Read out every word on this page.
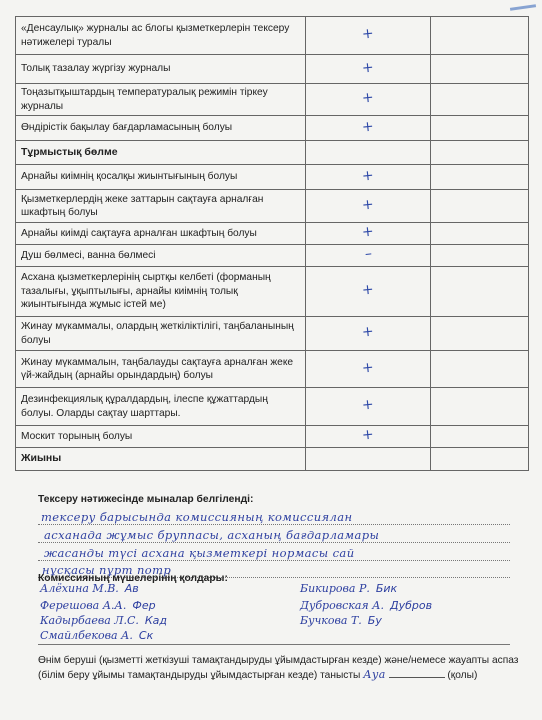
«Денсаулық» журналы ас блогы қызметкерлерін тексеру нәтижелері туралы	+	
Толық тазалау жүргізу журналы	+	
Тоңазытқыштардың температуралық режимін тіркеу журналы	+	
Өндірістік бақылау бағдарламасының болуы	+	
Тұрмыстық бөлме		
Арнайы киімнің қосалқы жиынтығының болуы	+	
Қызметкерлердің жеке заттарын сақтауға арналған шкафтың болуы	+	
Арнайы киімді сақтауға арналған шкафтың болуы	+	
Душ бөлмесі, ванна бөлмесі	–	
Асхана қызметкерлерінің сыртқы келбеті (форманың тазалығы, ұқыптылығы, арнайы киімнің толық жиынтығында жұмыс істей ме)	+	
Жинау мүкаммалы, олардың жеткіліктілігі, таңбаланының болуы	+	
Жинау мүкаммалын, таңбалауды сақтауға арналған жеке үй-жайдың (арнайы орындардың) болуы	+	
Дезинфекциялық құралдардың, ілеспе құжаттардың болуы. Оларды сақтау шарттары.	+	
Москит торының болуы	+	
Жиыны		
Тексеру нәтижесінде мыналар белгіленді:
тексеру барысында комиссияның комиссиялан
асханада жұмыс бруппасы, асханың бағдарламары
жасанды түсі асхана қызметкері нормасы сай
нұсқасы пұрт потр
Комиссияның мүшелерінің қолдары:
Алёхина М.В. Ав
Ферешова А.А. Фер
Кадырбаева Л.С. Кад
Смайлбекова А. Ск
Бикирова Р. Бик
Дубровская А. Дубров
Бучкова Т. Бу
Өнім беруші (қызметті жеткізуші тамақтандыруды ұйымдастырған кезде) және/немесе жауапты аспаз (білім беру ұйымы тамақтандыруды ұйымдастырған кезде) танысты Ауа	(қолы)
